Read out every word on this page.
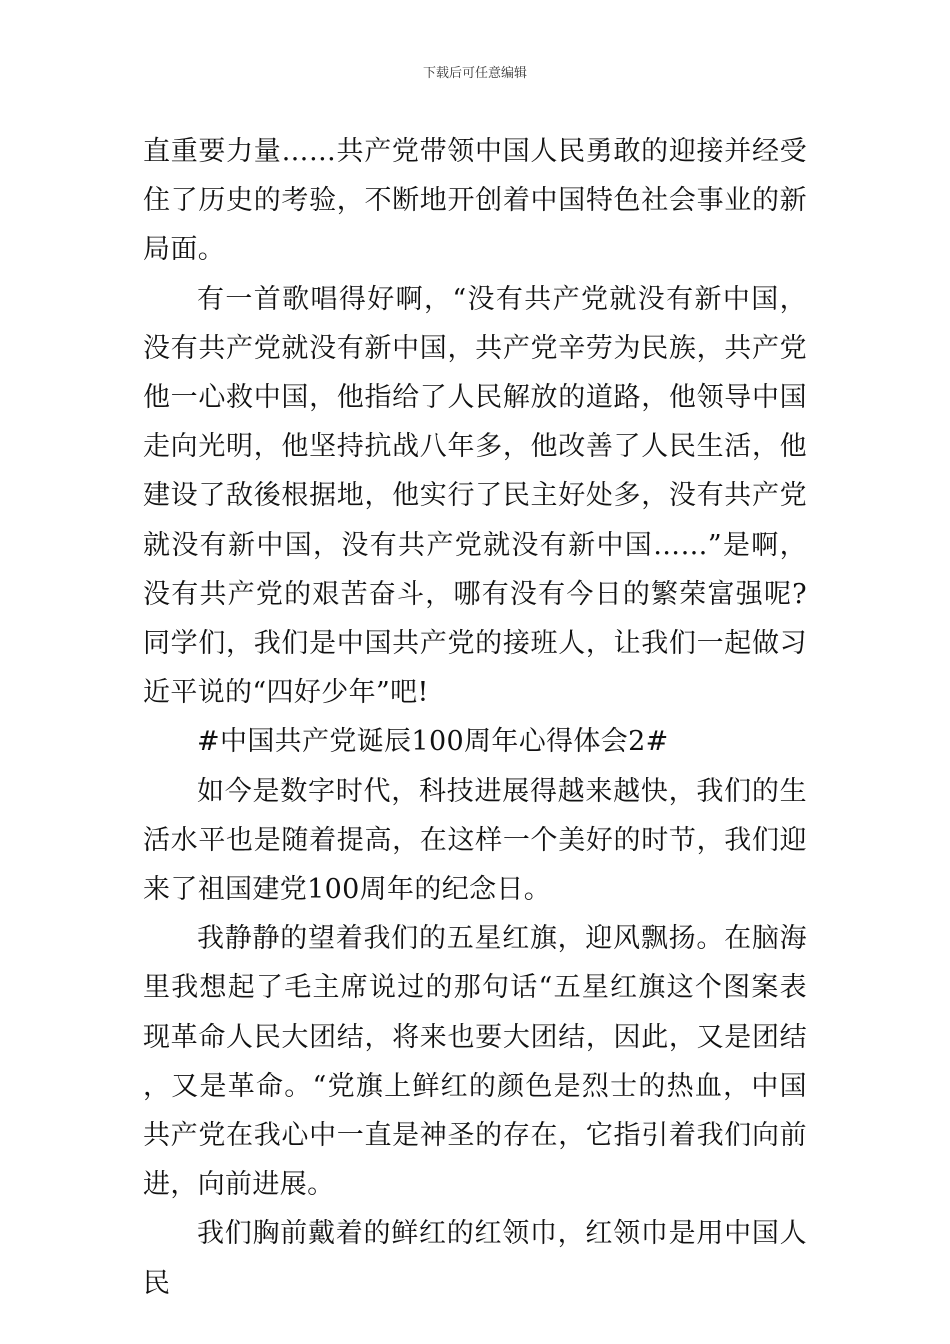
下载后可任意编辑

直重要力量……共产党带领中国人民勇敢的迎接并经受住了历史的考验，不断地开创着中国特色社会事业的新局面。

有一首歌唱得好啊，“没有共产党就没有新中国，没有共产党就没有新中国，共产党辛劳为民族，共产党他一心救中国，他指给了人民解放的道路，他领导中国走向光明，他坚持抗战八年多，他改善了人民生活，他建设了敌後根据地，他实行了民主好处多，没有共产党就没有新中国，没有共产党就没有新中国……”是啊，没有共产党的艰苦奋斗，哪有没有今日的繁荣富强呢?同学们，我们是中国共产党的接班人，让我们一起做习近平说的“四好少年”吧!

#中国共产党诞辰100周年心得体会2#

如今是数字时代，科技进展得越来越快，我们的生活水平也是随着提高，在这样一个美好的时节，我们迎来了祖国建党100周年的纪念日。

我静静的望着我们的五星红旗，迎风飘扬。在脑海里我想起了毛主席说过的那句话“五星红旗这个图案表现革命人民大团结，将来也要大团结，因此，又是团结，又是革命。“党旗上鲜红的颜色是烈士的热血，中国共产党在我心中一直是神圣的存在，它指引着我们向前进，向前进展。

我们胸前戴着的鲜红的红领巾，红领巾是用中国人民
